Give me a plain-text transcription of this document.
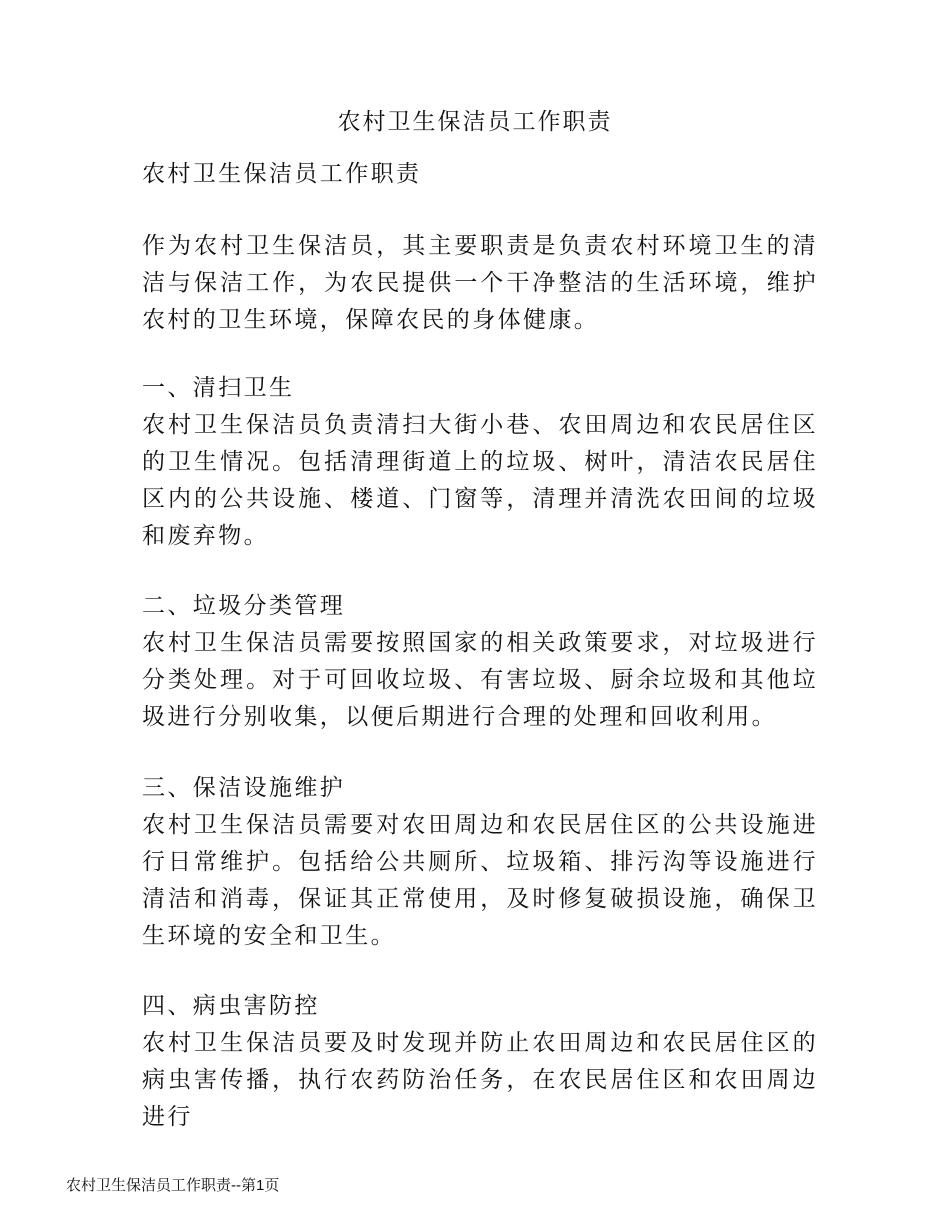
农村卫生保洁员工作职责
农村卫生保洁员工作职责
作为农村卫生保洁员，其主要职责是负责农村环境卫生的清洁与保洁工作，为农民提供一个干净整洁的生活环境，维护农村的卫生环境，保障农民的身体健康。
一、清扫卫生
农村卫生保洁员负责清扫大街小巷、农田周边和农民居住区的卫生情况。包括清理街道上的垃圾、树叶，清洁农民居住区内的公共设施、楼道、门窗等，清理并清洗农田间的垃圾和废弃物。
二、垃圾分类管理
农村卫生保洁员需要按照国家的相关政策要求，对垃圾进行分类处理。对于可回收垃圾、有害垃圾、厨余垃圾和其他垃圾进行分别收集，以便后期进行合理的处理和回收利用。
三、保洁设施维护
农村卫生保洁员需要对农田周边和农民居住区的公共设施进行日常维护。包括给公共厕所、垃圾箱、排污沟等设施进行清洁和消毒，保证其正常使用，及时修复破损设施，确保卫生环境的安全和卫生。
四、病虫害防控
农村卫生保洁员要及时发现并防止农田周边和农民居住区的病虫害传播，执行农药防治任务，在农民居住区和农田周边进行
农村卫生保洁员工作职责--第1页
